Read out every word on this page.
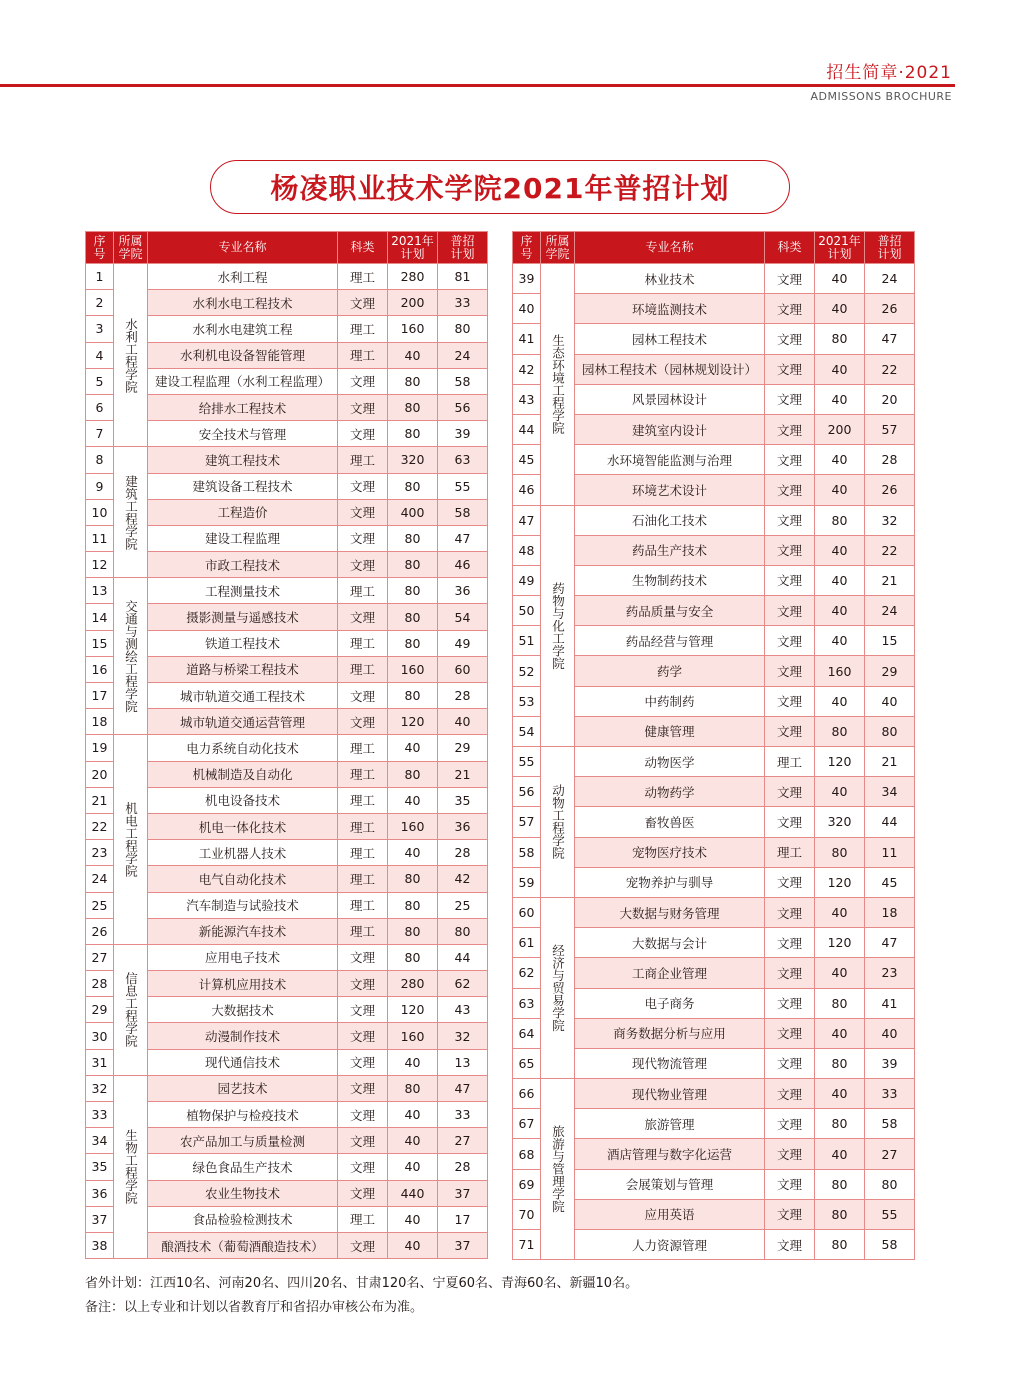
招生简章·2021
ADMISSONS BROCHURE
杨凌职业技术学院2021年普招计划
序
号	所属
学院	专业名称	科类	2021年
计划	普招
计划
1	水利工程学院	水利工程	理工	280	81
2		水利水电工程技术	文理	200	33
3		水利水电建筑工程	理工	160	80
4		水利机电设备智能管理	理工	40	24
5		建设工程监理（水利工程监理）	文理	80	58
6		给排水工程技术	文理	80	56
7		安全技术与管理	文理	80	39
8	建筑工程学院	建筑工程技术	理工	320	63
9		建筑设备工程技术	文理	80	55
10		工程造价	文理	400	58
11		建设工程监理	文理	80	47
12		市政工程技术	文理	80	46
13	交通与测绘工程学院	工程测量技术	理工	80	36
14		摄影测量与遥感技术	文理	80	54
15		铁道工程技术	理工	80	49
16		道路与桥梁工程技术	理工	160	60
17		城市轨道交通工程技术	文理	80	28
18		城市轨道交通运营管理	文理	120	40
19	机电工程学院	电力系统自动化技术	理工	40	29
20		机械制造及自动化	理工	80	21
21		机电设备技术	理工	40	35
22		机电一体化技术	理工	160	36
23		工业机器人技术	理工	40	28
24		电气自动化技术	理工	80	42
25		汽车制造与试验技术	理工	80	25
26		新能源汽车技术	理工	80	80
27	信息工程学院	应用电子技术	文理	80	44
28		计算机应用技术	文理	280	62
29		大数据技术	文理	120	43
30		动漫制作技术	文理	160	32
31		现代通信技术	文理	40	13
32	生物工程学院	园艺技术	文理	80	47
33		植物保护与检疫技术	文理	40	33
34		农产品加工与质量检测	文理	40	27
35		绿色食品生产技术	文理	40	28
36		农业生物技术	文理	440	37
37		食品检验检测技术	理工	40	17
38		酿酒技术（葡萄酒酿造技术）	文理	40	37
序
号	所属
学院	专业名称	科类	2021年
计划	普招
计划
39	生态环境工程学院	林业技术	文理	40	24
40		环境监测技术	文理	40	26
41		园林工程技术	文理	80	47
42		园林工程技术（园林规划设计）	文理	40	22
43		风景园林设计	文理	40	20
44		建筑室内设计	文理	200	57
45		水环境智能监测与治理	文理	40	28
46		环境艺术设计	文理	40	26
47	药物与化工学院	石油化工技术	文理	80	32
48		药品生产技术	文理	40	22
49		生物制药技术	文理	40	21
50		药品质量与安全	文理	40	24
51		药品经营与管理	文理	40	15
52		药学	文理	160	29
53		中药制药	文理	40	40
54		健康管理	文理	80	80
55	动物工程学院	动物医学	理工	120	21
56		动物药学	文理	40	34
57		畜牧兽医	文理	320	44
58		宠物医疗技术	理工	80	11
59		宠物养护与驯导	文理	120	45
60	经济与贸易学院	大数据与财务管理	文理	40	18
61		大数据与会计	文理	120	47
62		工商企业管理	文理	40	23
63		电子商务	文理	80	41
64		商务数据分析与应用	文理	40	40
65		现代物流管理	文理	80	39
66	旅游与管理学院	现代物业管理	文理	40	33
67		旅游管理	文理	80	58
68		酒店管理与数字化运营	文理	40	27
69		会展策划与管理	文理	80	80
70		应用英语	文理	80	55
71		人力资源管理	文理	80	58
省外计划：江西10名、河南20名、四川20名、甘肃120名、宁夏60名、青海60名、新疆10名。
备注：以上专业和计划以省教育厅和省招办审核公布为准。
